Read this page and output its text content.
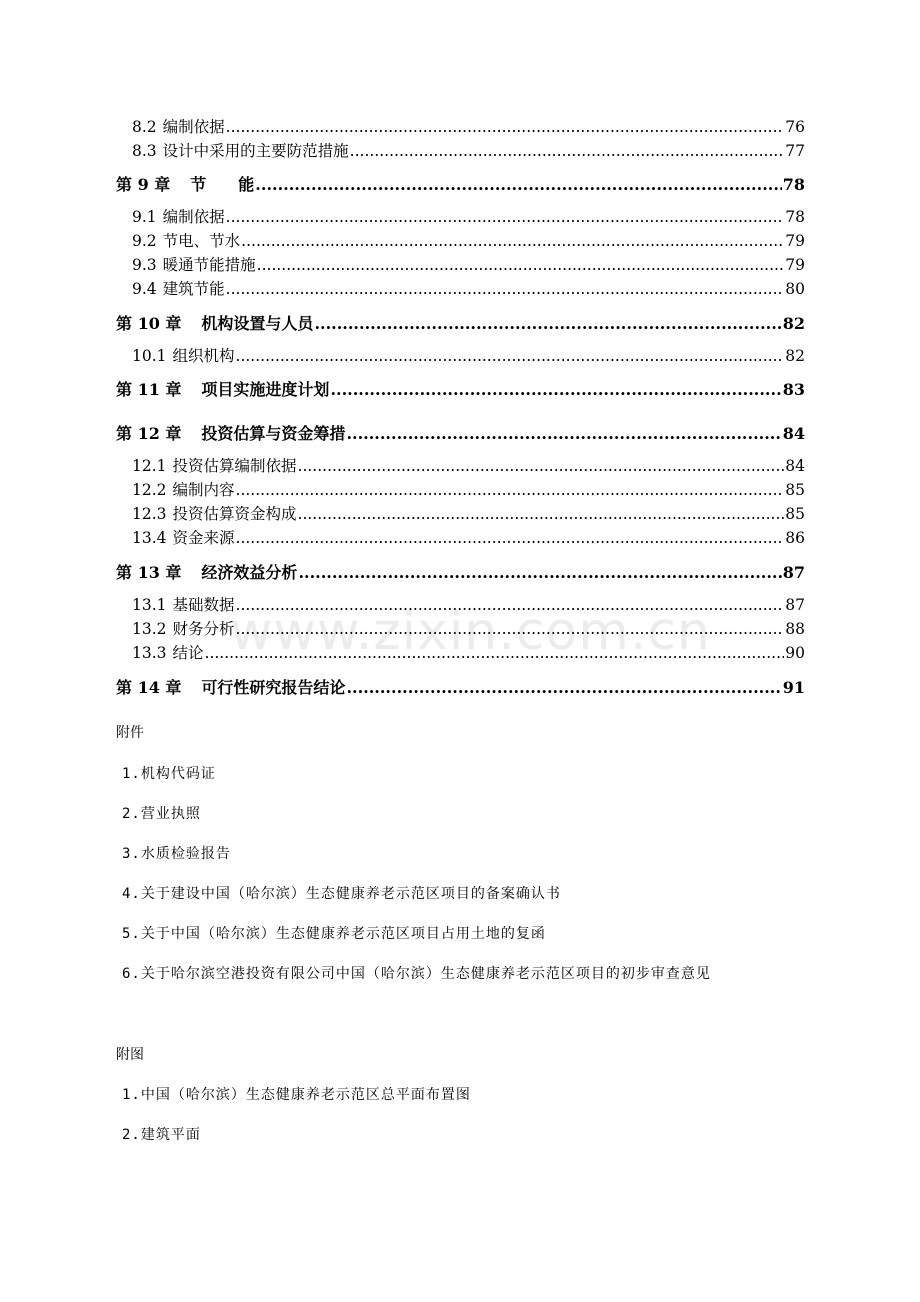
www.zixin.com.cn
8.2 编制依据 .....	76
8.3 设计中采用的主要防范措施 .....	77
第 9 章 节　　能 .....	78
9.1 编制依据 .....	78
9.2 节电、节水 .....	79
9.3 暖通节能措施 .....	79
9.4 建筑节能 .....	80
第 10 章 机构设置与人员 .....	82
10.1 组织机构 .....	82
第 11 章 项目实施进度计划 .....	83
第 12 章 投资估算与资金筹措 .....	84
12.1 投资估算编制依据 .....	84
12.2 编制内容 .....	85
12.3 投资估算资金构成 .....	85
13.4 资金来源 .....	86
第 13 章 经济效益分析 .....	87
13.1 基础数据 .....	87
13.2 财务分析 .....	88
13.3 结论 .....	90
第 14 章 可行性研究报告结论 .....	91
附件
1.机构代码证
2.营业执照
3.水质检验报告
4.关于建设中国（哈尔滨）生态健康养老示范区项目的备案确认书
5.关于中国（哈尔滨）生态健康养老示范区项目占用土地的复函
6.关于哈尔滨空港投资有限公司中国（哈尔滨）生态健康养老示范区项目的初步审查意见
附图
1.中国（哈尔滨）生态健康养老示范区总平面布置图
2.建筑平面
